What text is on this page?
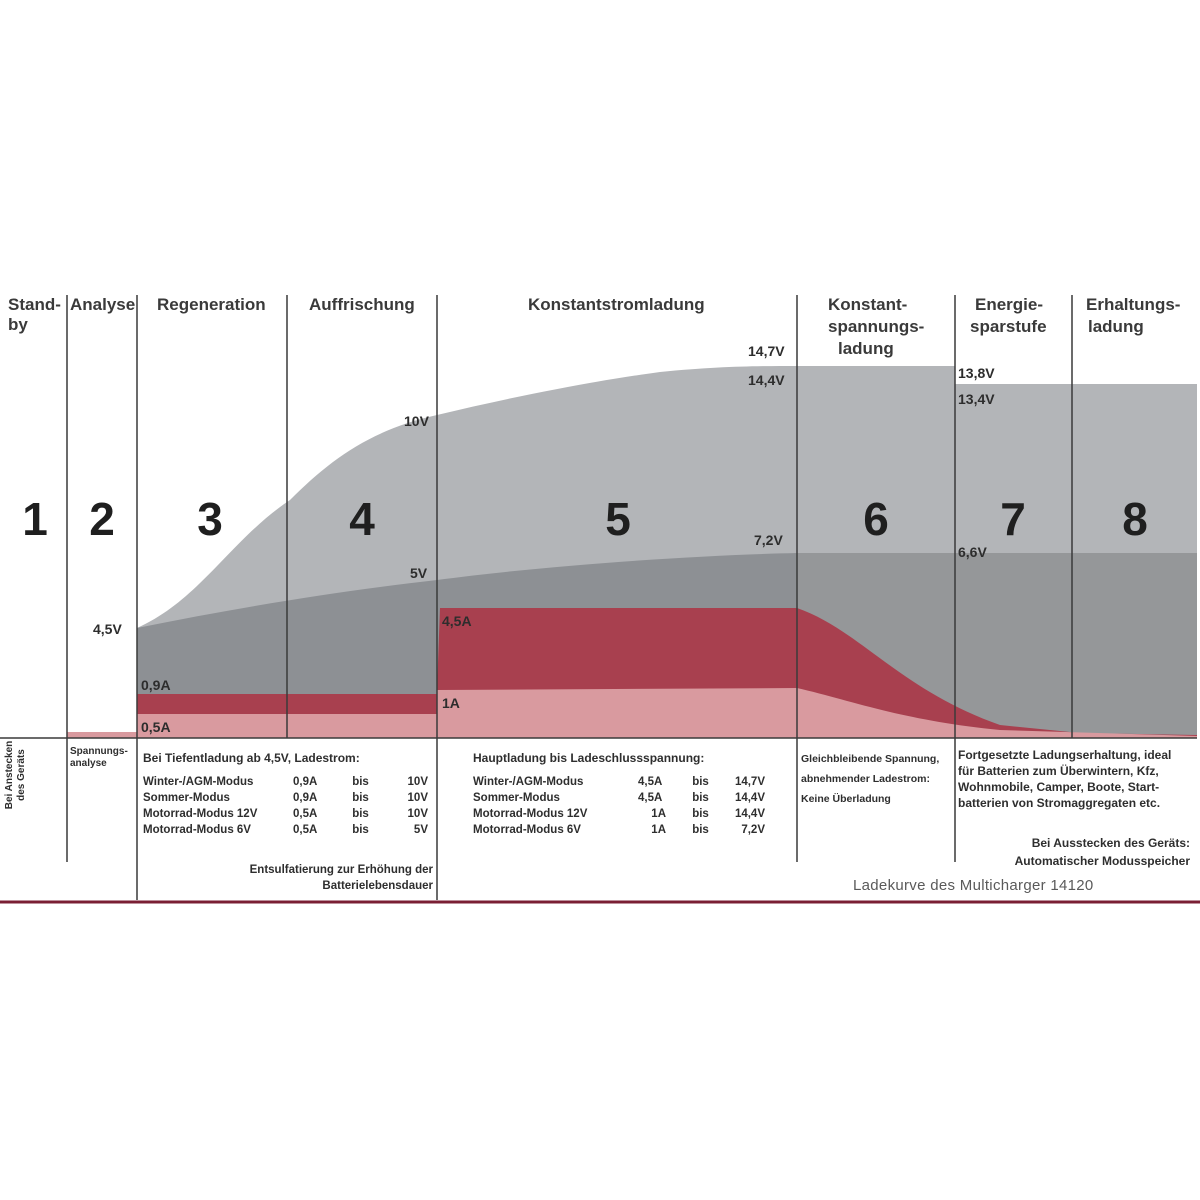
Stand-by
Analyse Regeneration	Auffrischung	Konstantstromladung	Konstant-spannungs-ladung
Energie-sparstufe
Erhaltungs-ladung
1 2 3	4	5	6 7 8
4,5V
5V
10V
14,7V
14,4V
7,2V
13,8V
13,4V
6,6V
0,9A
0,5A
4,5A
1A
Bei Anstecken des Geräts	Spannungs-analyse	Bei Tiefentladung ab 4,5V, Ladestrom:
Winter-/AGM-Modus	0,9A	bis	10V
Sommer-Modus	0,9A	bis	10V
Motorrad-Modus 12V	0,5A	bis	10V
Motorrad-Modus 6V	0,5A	bis	5V
Entsulfatierung zur Erhöhung der Batterielebensdauer
Hauptladung bis Ladeschlussspannung:
Winter-/AGM-Modus	4,5A	bis	14,7V
Sommer-Modus	4,5A	bis	14,4V
Motorrad-Modus 12V	1A	bis	14,4V
Motorrad-Modus 6V	1A	bis	7,2V
Gleichbleibende Spannung, abnehmender Ladestrom: Keine Überladung
Fortgesetzte Ladungserhaltung, ideal für Batterien zum Überwintern, Kfz, Wohnmobile, Camper, Boote, Start-batterien von Stromaggregaten etc.
Bei Ausstecken des Geräts: Automatischer Modusspeicher
Ladekurve des Multicharger 14120
